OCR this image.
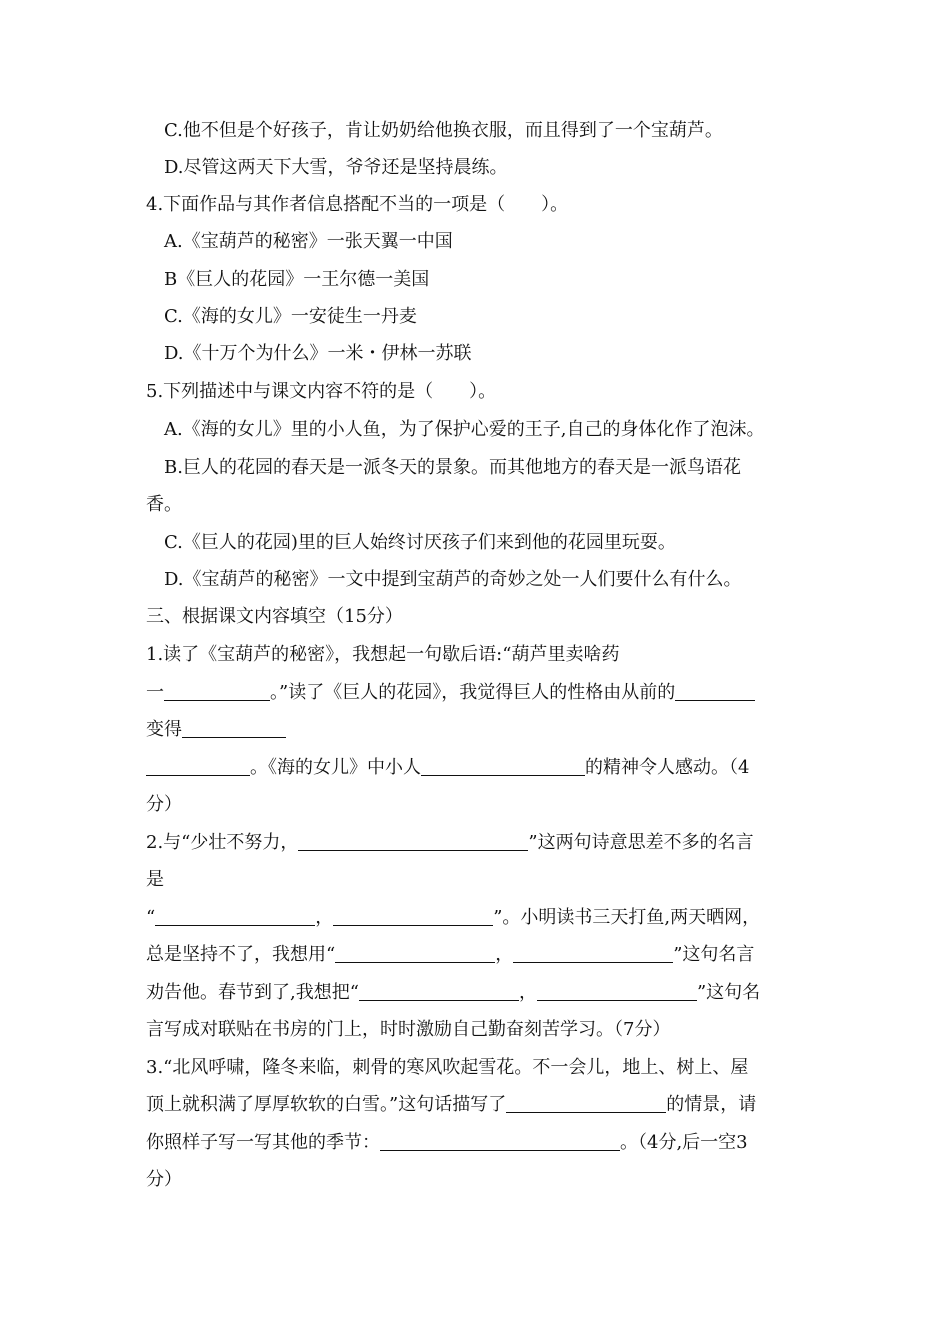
C.他不但是个好孩子，肯让奶奶给他换衣服，而且得到了一个宝葫芦。
D.尽管这两天下大雪，爷爷还是坚持晨练。
4.下面作品与其作者信息搭配不当的一项是（　　）。
A.《宝葫芦的秘密》一张天翼一中国
B《巨人的花园》一王尔德一美国
C.《海的女儿》一安徒生一丹麦
D.《十万个为什么》一米・伊林一苏联
5.下列描述中与课文内容不符的是（　　）。
A.《海的女儿》里的小人鱼，为了保护心爱的王子,自己的身体化作了泡沫。
B.巨人的花园的春天是一派冬天的景象。而其他地方的春天是一派鸟语花
香。
C.《巨人的花园)里的巨人始终讨厌孩子们来到他的花园里玩耍。
D.《宝葫芦的秘密》一文中提到宝葫芦的奇妙之处一人们要什么有什么。
三、根据课文内容填空（15分）
1.读了《宝葫芦的秘密》，我想起一句歇后语:“葫芦里卖啥药
一	。”读了《巨人的花园》，我觉得巨人的性格由从前的
变得
。《海的女儿》中小人	的精神令人感动。（4
分）
2.与“少壮不努力，	”这两句诗意思差不多的名言
是
“	，	”。小明读书三天打鱼,两天晒网，
总是坚持不了，我想用“	，	”这句名言
劝告他。春节到了,我想把“	，	”这句名
言写成对联贴在书房的门上，时时激励自己勤奋刻苦学习。（7分）
3.“北风呼啸，隆冬来临，刺骨的寒风吹起雪花。不一会儿，地上、树上、屋
顶上就积满了厚厚软软的白雪。”这句话描写了	的情景，请
你照样子写一写其他的季节：	。（4分,后一空3
分）
